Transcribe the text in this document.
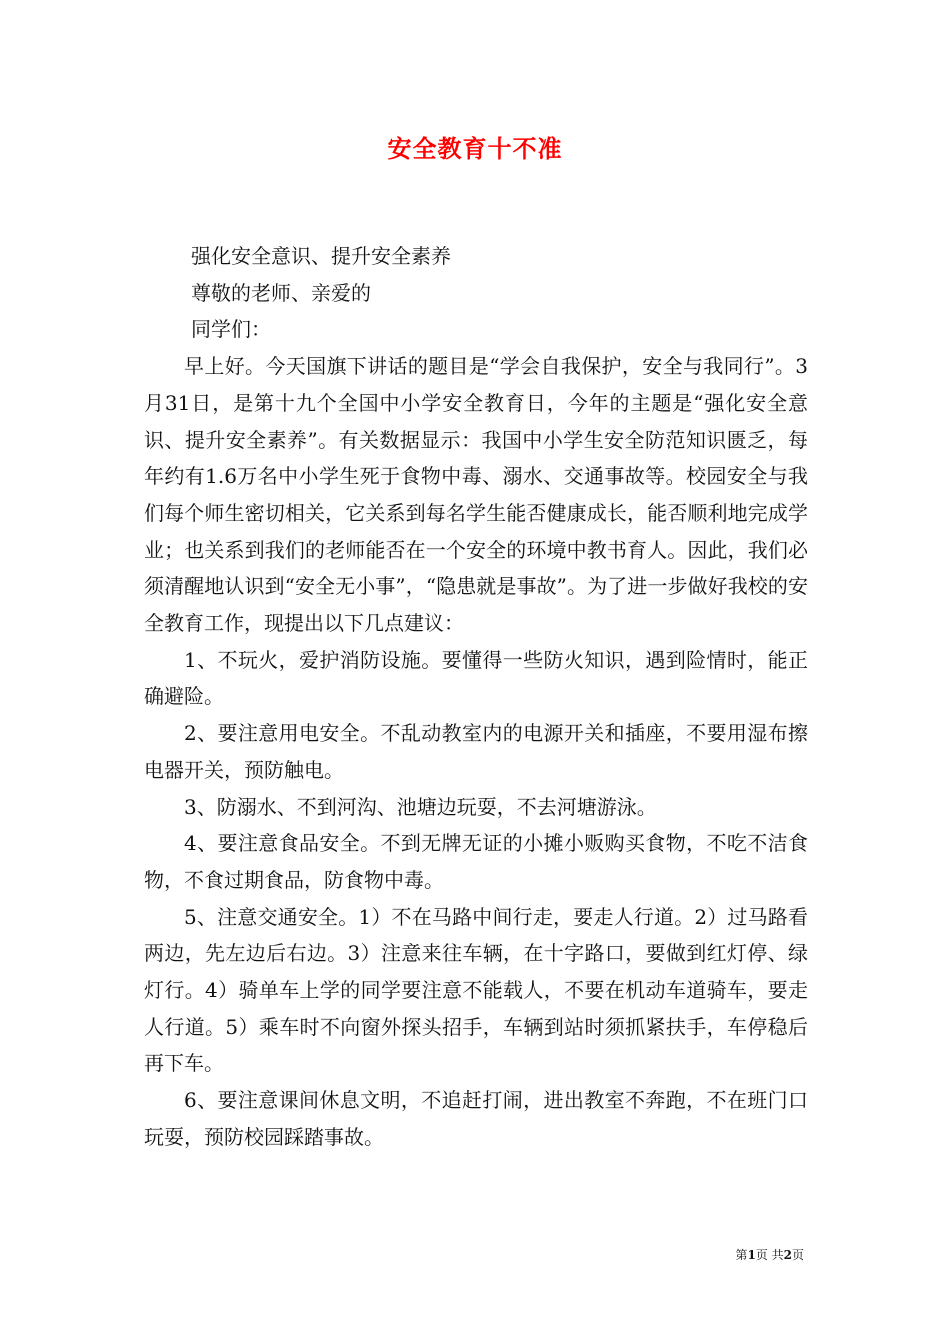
安全教育十不准

强化安全意识、提升安全素养

尊敬的老师、亲爱的

同学们：

早上好。今天国旗下讲话的题目是“学会自我保护，安全与我同行”。3月31日，是第十九个全国中小学安全教育日，今年的主题是“强化安全意识、提升安全素养”。有关数据显示：我国中小学生安全防范知识匮乏，每年约有1.6万名中小学生死于食物中毒、溺水、交通事故等。校园安全与我们每个师生密切相关，它关系到每名学生能否健康成长，能否顺利地完成学业；也关系到我们的老师能否在一个安全的环境中教书育人。因此，我们必须清醒地认识到“安全无小事”，“隐患就是事故”。为了进一步做好我校的安全教育工作，现提出以下几点建议：

1、不玩火，爱护消防设施。要懂得一些防火知识，遇到险情时，能正确避险。

2、要注意用电安全。不乱动教室内的电源开关和插座，不要用湿布擦电器开关，预防触电。

3、防溺水、不到河沟、池塘边玩耍，不去河塘游泳。

4、要注意食品安全。不到无牌无证的小摊小贩购买食物，不吃不洁食物，不食过期食品，防食物中毒。

5、注意交通安全。1）不在马路中间行走，要走人行道。2）过马路看两边，先左边后右边。3）注意来往车辆，在十字路口，要做到红灯停、绿灯行。4）骑单车上学的同学要注意不能载人，不要在机动车道骑车，要走人行道。5）乘车时不向窗外探头招手，车辆到站时须抓紧扶手，车停稳后再下车。

6、要注意课间休息文明，不追赶打闹，进出教室不奔跑，不在班门口玩耍，预防校园踩踏事故。

第1页 共2页
